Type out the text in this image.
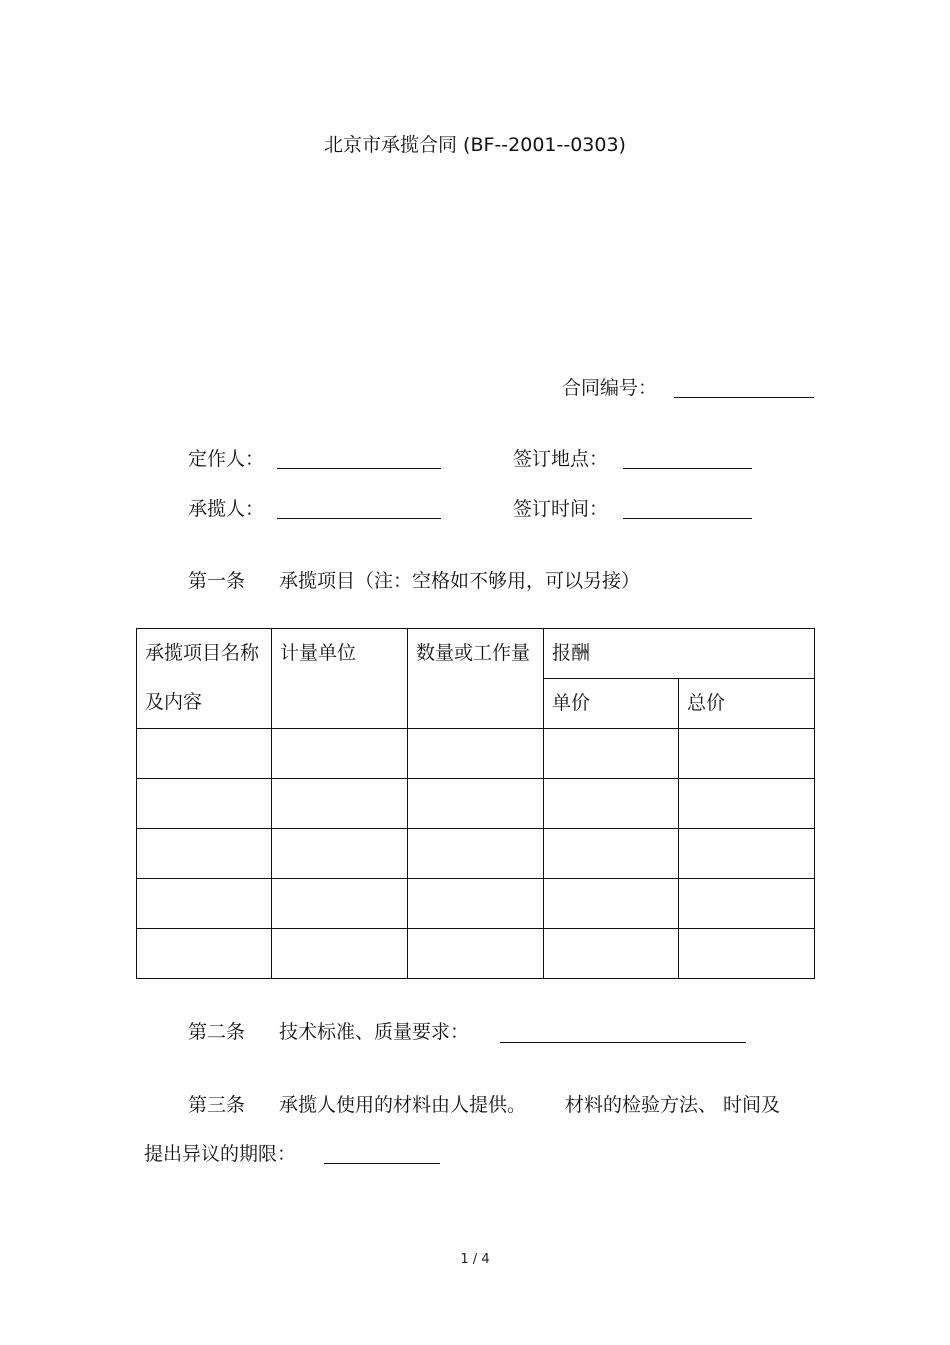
北京市承揽合同 (BF--2001--0303)
合同编号：
定作人：	签订地点：
承揽人：	签订时间：
第一条 承揽项目（注：空格如不够用，可以另接）
承揽项目名称及内容	计量单位	数量或工作量	报酬	
			单价	总价

第二条 技术标准、质量要求：
第三条 承揽人使用的材料由人提供。 材料的检验方法、 时间及
提出异议的期限：
1 / 4
